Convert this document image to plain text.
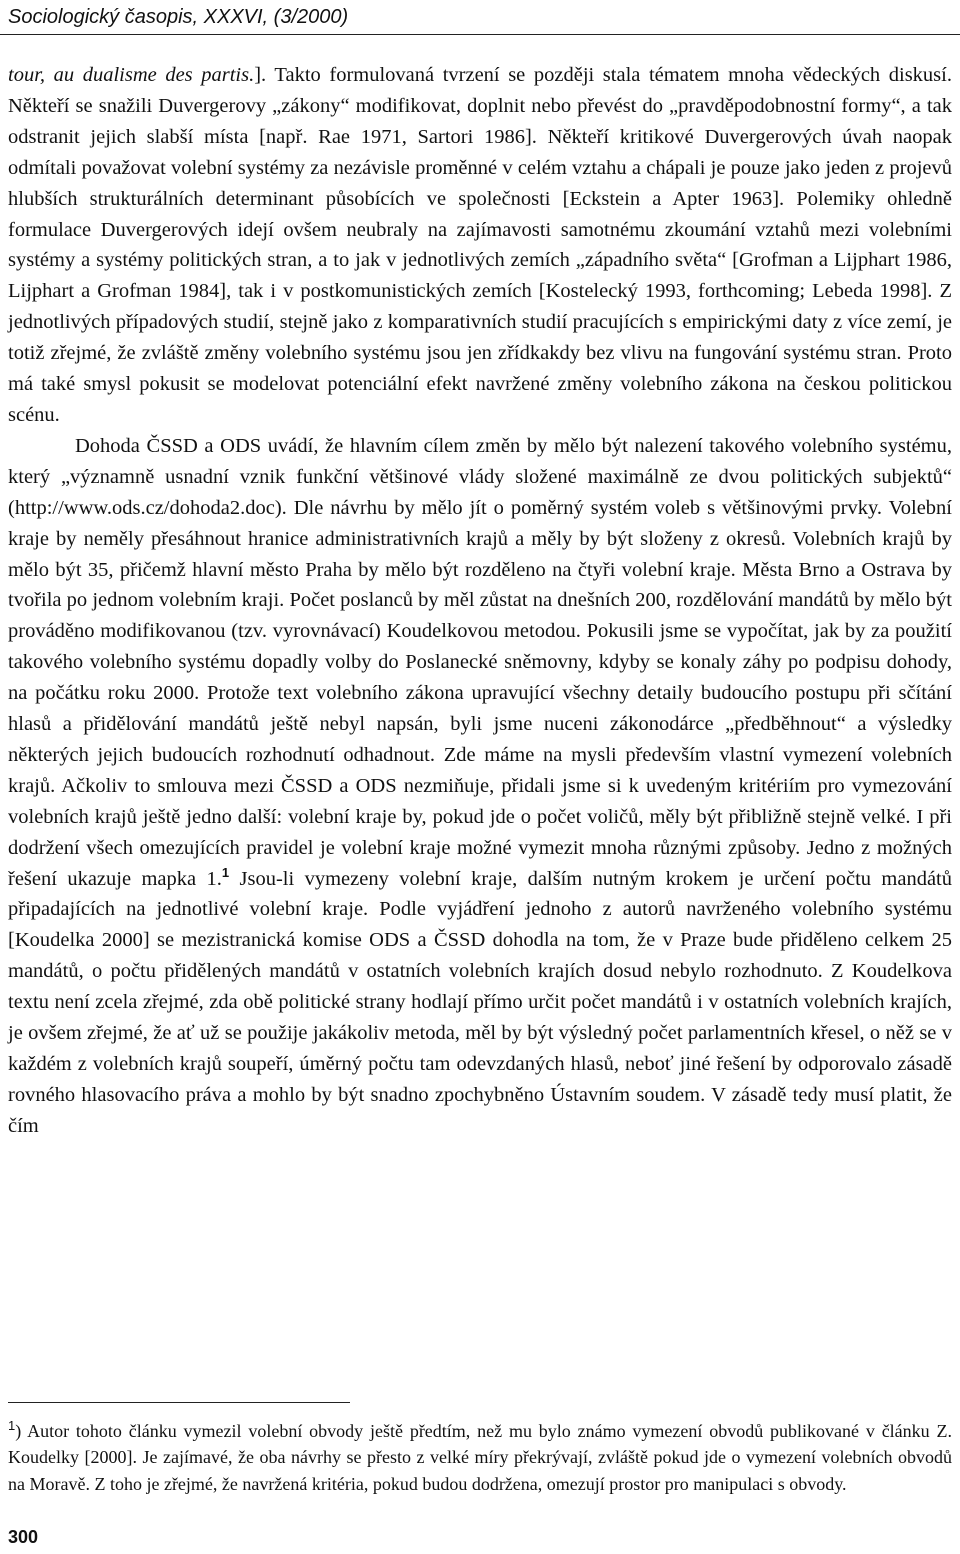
Sociologický časopis, XXXVI, (3/2000)

tour, au dualisme des partis.]. Takto formulovaná tvrzení se později stala tématem mnoha vědeckých diskusí. Někteří se snažili Duvergerovy „zákony“ modifikovat, doplnit nebo převést do „pravděpodobnostní formy“, a tak odstranit jejich slabší místa [např. Rae 1971, Sartori 1986]. Někteří kritikové Duvergerových úvah naopak odmítali považovat volební systémy za nezávisle proměnné v celém vztahu a chápali je pouze jako jeden z projevů hlubších strukturálních determinant působících ve společnosti [Eckstein a Apter 1963]. Polemiky ohledně formulace Duvergerových idejí ovšem neubraly na zajímavosti samotnému zkoumání vztahů mezi volebními systémy a systémy politických stran, a to jak v jednotlivých zemích „západního světa“ [Grofman a Lijphart 1986, Lijphart a Grofman 1984], tak i v postkomunistických zemích [Kostelecký 1993, forthcoming; Lebeda 1998]. Z jednotlivých případových studií, stejně jako z komparativních studií pracujících s empirickými daty z více zemí, je totiž zřejmé, že zvláště změny volebního systému jsou jen zřídkakdy bez vlivu na fungování systému stran. Proto má také smysl pokusit se modelovat potenciální efekt navržené změny volebního zákona na českou politickou scénu.

Dohoda ČSSD a ODS uvádí, že hlavním cílem změn by mělo být nalezení takového volebního systému, který „významně usnadní vznik funkční většinové vlády složené maximálně ze dvou politických subjektů“ (http://www.ods.cz/dohoda2.doc). Dle návrhu by mělo jít o poměrný systém voleb s většinovými prvky. Volební kraje by neměly přesáhnout hranice administrativních krajů a měly by být složeny z okresů. Volebních krajů by mělo být 35, přičemž hlavní město Praha by mělo být rozděleno na čtyři volební kraje. Města Brno a Ostrava by tvořila po jednom volebním kraji. Počet poslanců by měl zůstat na dnešních 200, rozdělování mandátů by mělo být prováděno modifikovanou (tzv. vyrovnávací) Koudelkovou metodou. Pokusili jsme se vypočítat, jak by za použití takového volebního systému dopadly volby do Poslanecké sněmovny, kdyby se konaly záhy po podpisu dohody, na počátku roku 2000. Protože text volebního zákona upravující všechny detaily budoucího postupu při sčítání hlasů a přidělování mandátů ještě nebyl napsán, byli jsme nuceni zákonodárce „předběhnout“ a výsledky některých jejich budoucích rozhodnutí odhadnout. Zde máme na mysli především vlastní vymezení volebních krajů. Ačkoliv to smlouva mezi ČSSD a ODS nezmiňuje, přidali jsme si k uvedeným kritériím pro vymezování volebních krajů ještě jedno další: volební kraje by, pokud jde o počet voličů, měly být přibližně stejně velké. I při dodržení všech omezujících pravidel je volební kraje možné vymezit mnoha různými způsoby. Jedno z možných řešení ukazuje mapka 1.$^1$ Jsou-li vymezeny volební kraje, dalším nutným krokem je určení počtu mandátů připadajících na jednotlivé volební kraje. Podle vyjádření jednoho z autorů navrženého volebního systému [Koudelka 2000] se mezistranická komise ODS a ČSSD dohodla na tom, že v Praze bude přiděleno celkem 25 mandátů, o počtu přidělených mandátů v ostatních volebních krajích dosud nebylo rozhodnuto. Z Koudelkova textu není zcela zřejmé, zda obě politické strany hodlají přímo určit počet mandátů i v ostatních volebních krajích, je ovšem zřejmé, že ať už se použije jakákoliv metoda, měl by být výsledný počet parlamentních křesel, o něž se v každém z volebních krajů soupeří, úměrný počtu tam odevzdaných hlasů, neboť jiné řešení by odporovalo zásadě rovného hlasovacího práva a mohlo by být snadno zpochybněno Ústavním soudem. V zásadě tedy musí platit, že čím

$^1$) Autor tohoto článku vymezil volební obvody ještě předtím, než mu bylo známo vymezení obvodů publikované v článku Z. Koudelky [2000]. Je zajímavé, že oba návrhy se přesto z velké míry překrývají, zvláště pokud jde o vymezení volebních obvodů na Moravě. Z toho je zřejmé, že navržená kritéria, pokud budou dodržena, omezují prostor pro manipulaci s obvody.
300
